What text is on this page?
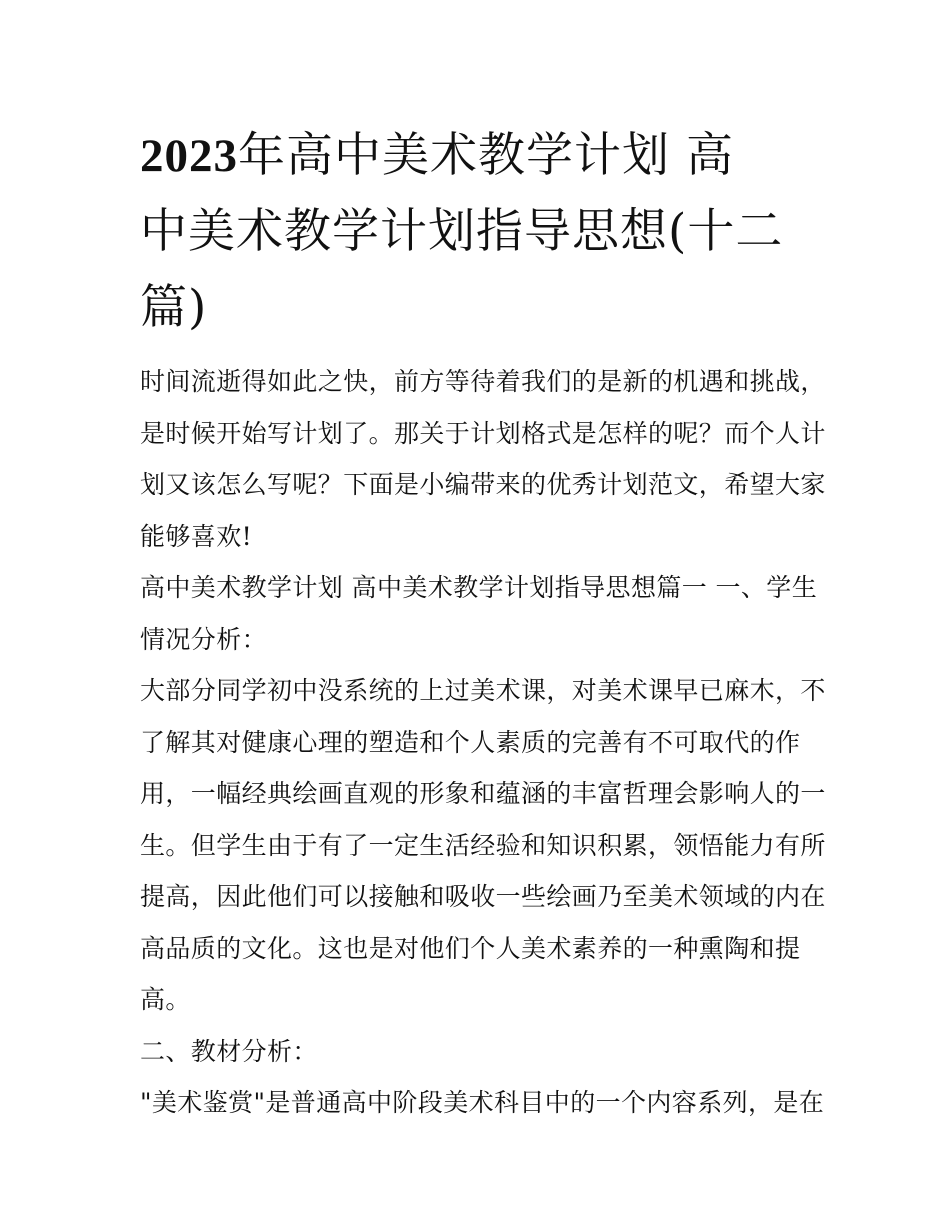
2023年高中美术教学计划 高
中美术教学计划指导思想(十二
篇)
时间流逝得如此之快，前方等待着我们的是新的机遇和挑战，
是时候开始写计划了。那关于计划格式是怎样的呢？而个人计
划又该怎么写呢？下面是小编带来的优秀计划范文，希望大家
能够喜欢!
高中美术教学计划 高中美术教学计划指导思想篇一 一、学生
情况分析：
大部分同学初中没系统的上过美术课，对美术课早已麻木，不
了解其对健康心理的塑造和个人素质的完善有不可取代的作
用，一幅经典绘画直观的形象和蕴涵的丰富哲理会影响人的一
生。但学生由于有了一定生活经验和知识积累，领悟能力有所
提高，因此他们可以接触和吸收一些绘画乃至美术领域的内在
高品质的文化。这也是对他们个人美术素养的一种熏陶和提
高。
二、教材分析：
"美术鉴赏"是普通高中阶段美术科目中的一个内容系列，是在
